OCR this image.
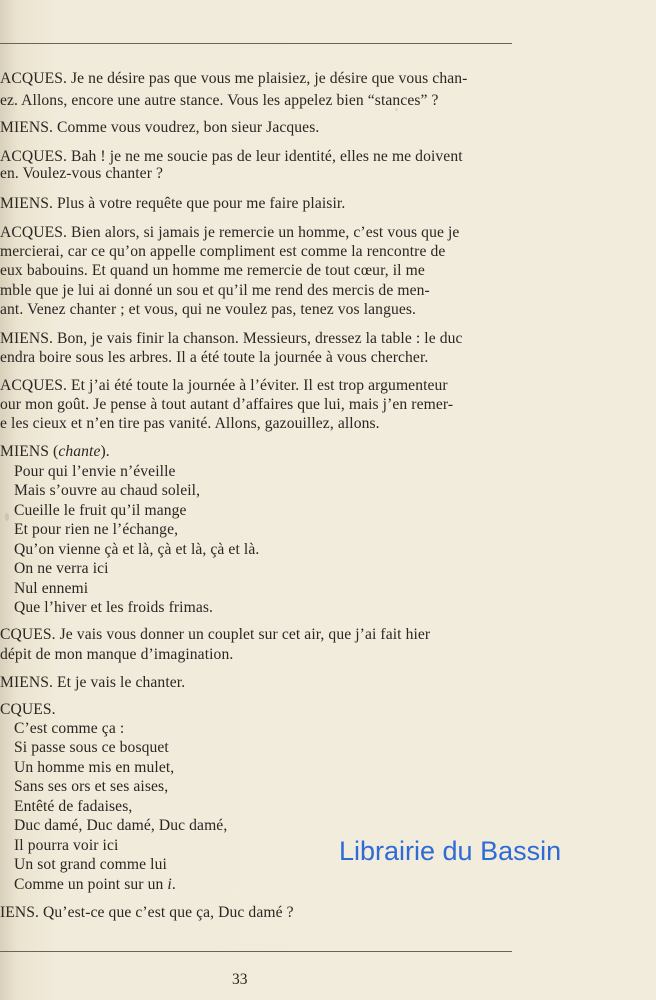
ACQUES. Je ne désire pas que vous me plaisiez, je désire que vous chan-
ez. Allons, encore une autre stance. Vous les appelez bien “stances” ?
MIENS. Comme vous voudrez, bon sieur Jacques.
ACQUES. Bah ! je ne me soucie pas de leur identité, elles ne me doivent
en. Voulez-vous chanter ?
MIENS. Plus à votre requête que pour me faire plaisir.
ACQUES. Bien alors, si jamais je remercie un homme, c’est vous que je
mercierai, car ce qu’on appelle compliment est comme la rencontre de
eux babouins. Et quand un homme me remercie de tout cœur, il me
mble que je lui ai donné un sou et qu’il me rend des mercis de men-
ant. Venez chanter ; et vous, qui ne voulez pas, tenez vos langues.
MIENS. Bon, je vais finir la chanson. Messieurs, dressez la table : le duc
endra boire sous les arbres. Il a été toute la journée à vous chercher.
ACQUES. Et j’ai été toute la journée à l’éviter. Il est trop argumenteur
our mon goût. Je pense à tout autant d’affaires que lui, mais j’en remer-
e les cieux et n’en tire pas vanité. Allons, gazouillez, allons.
MIENS (chante).
Pour qui l’envie n’éveille
Mais s’ouvre au chaud soleil,
Cueille le fruit qu’il mange
Et pour rien ne l’échange,
Qu’on vienne çà et là, çà et là, çà et là.
On ne verra ici
Nul ennemi
Que l’hiver et les froids frimas.
CQUES. Je vais vous donner un couplet sur cet air, que j’ai fait hier
dépit de mon manque d’imagination.
MIENS. Et je vais le chanter.
CQUES.
C’est comme ça :
Si passe sous ce bosquet
Un homme mis en mulet,
Sans ses ors et ses aises,
Entêté de fadaises,
Duc damé, Duc damé, Duc damé,
Il pourra voir ici
Un sot grand comme lui
Comme un point sur un i.
IENS. Qu’est-ce que c’est que ça, Duc damé ?
Librairie du Bassin
33
